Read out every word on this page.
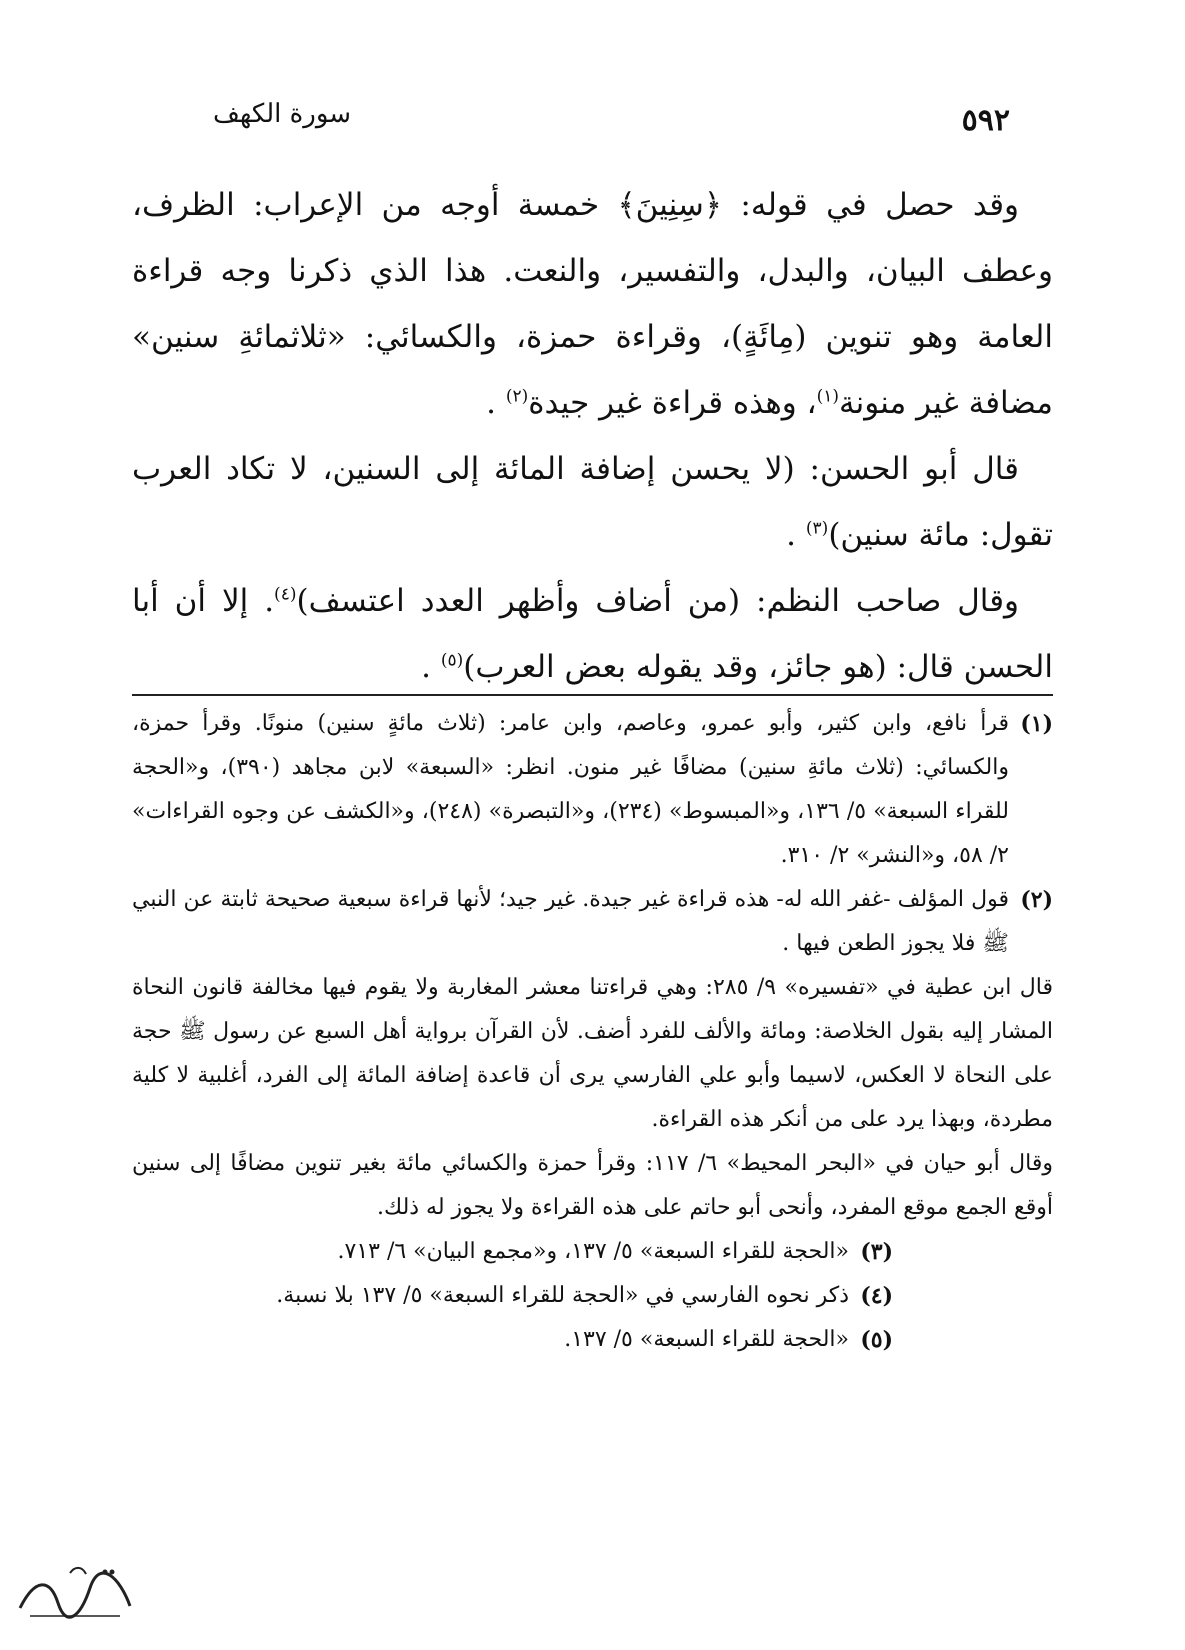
٥٩٢
سورة الكهف

وقد حصل في قوله: ﴿سِنِينَ﴾ خمسة أوجه من الإعراب: الظرف، وعطف البيان، والبدل، والتفسير، والنعت. هذا الذي ذكرنا وجه قراءة العامة وهو تنوين (مِائَةٍ)، وقراءة حمزة، والكسائي: «ثلاثمائةِ سنين» مضافة غير منونة$^{(١)}$، وهذه قراءة غير جيدة$^{(٢)}$ .

قال أبو الحسن: (لا يحسن إضافة المائة إلى السنين، لا تكاد العرب تقول: مائة سنين)$^{(٣)}$ .

وقال صاحب النظم: (من أضاف وأظهر العدد اعتسف)$^{(٤)}$. إلا أن أبا الحسن قال: (هو جائز، وقد يقوله بعض العرب)$^{(٥)}$ .

(١)

قرأ نافع، وابن كثير، وأبو عمرو، وعاصم، وابن عامر: (ثلاث مائةٍ سنين) منونًا. وقرأ حمزة، والكسائي: (ثلاث مائةِ سنين) مضافًا غير منون. انظر: «السبعة» لابن مجاهد (٣٩٠)، و«الحجة للقراء السبعة» ٥/ ١٣٦، و«المبسوط» (٢٣٤)، و«التبصرة» (٢٤٨)، و«الكشف عن وجوه القراءات» ٢/ ٥٨، و«النشر» ٢/ ٣١٠.

(٢)

قول المؤلف -غفر الله له- هذه قراءة غير جيدة. غير جيد؛ لأنها قراءة سبعية صحيحة ثابتة عن النبي ﷺ فلا يجوز الطعن فيها .

قال ابن عطية في «تفسيره» ٩/ ٢٨٥: وهي قراءتنا معشر المغاربة ولا يقوم فيها مخالفة قانون النحاة المشار إليه بقول الخلاصة: ومائة والألف للفرد أضف. لأن القرآن برواية أهل السبع عن رسول ﷺ حجة على النحاة لا العكس، لاسيما وأبو علي الفارسي يرى أن قاعدة إضافة المائة إلى الفرد، أغلبية لا كلية مطردة، وبهذا يرد على من أنكر هذه القراءة.

وقال أبو حيان في «البحر المحيط» ٦/ ١١٧: وقرأ حمزة والكسائي مائة بغير تنوين مضافًا إلى سنين أوقع الجمع موقع المفرد، وأنحى أبو حاتم على هذه القراءة ولا يجوز له ذلك.

(٣)

«الحجة للقراء السبعة» ٥/ ١٣٧، و«مجمع البيان» ٦/ ٧١٣.

(٤)

ذكر نحوه الفارسي في «الحجة للقراء السبعة» ٥/ ١٣٧ بلا نسبة.

(٥)

«الحجة للقراء السبعة» ٥/ ١٣٧.
